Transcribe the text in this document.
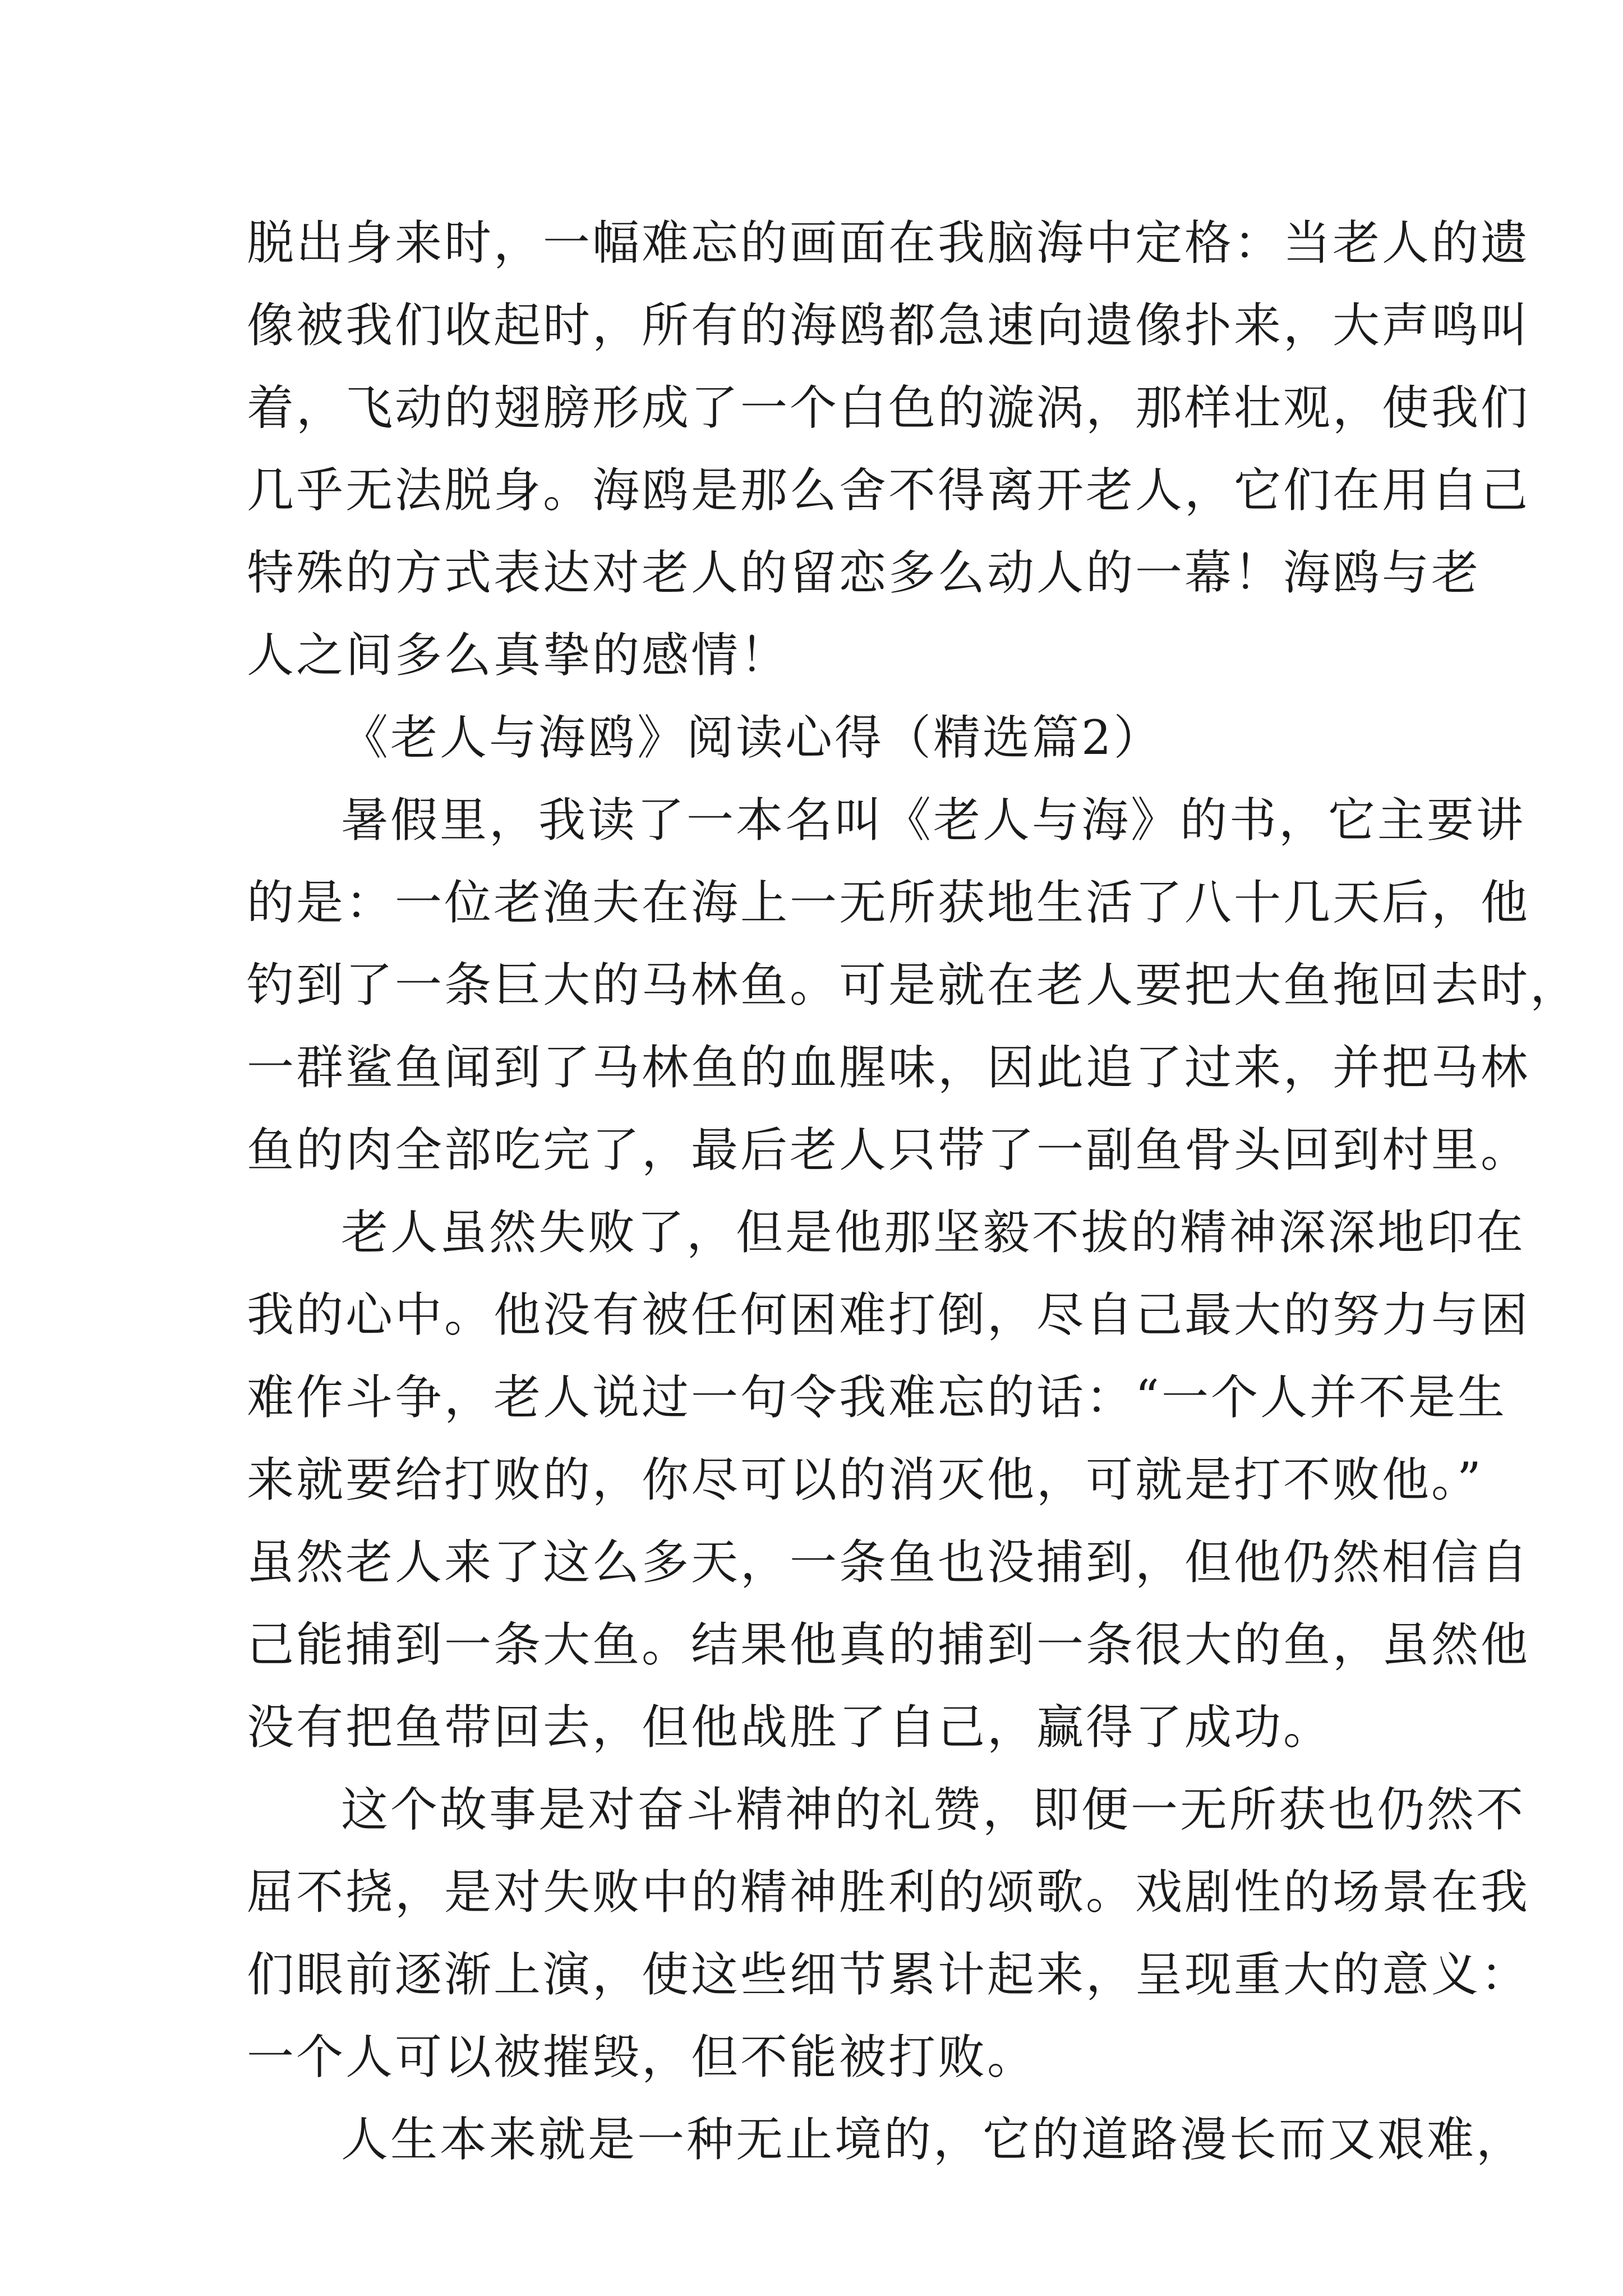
脱出身来时，一幅难忘的画面在我脑海中定格：当老人的遗
像被我们收起时，所有的海鸥都急速向遗像扑来，大声鸣叫
着，飞动的翅膀形成了一个白色的漩涡，那样壮观，使我们
几乎无法脱身。海鸥是那么舍不得离开老人，它们在用自己
特殊的方式表达对老人的留恋多么动人的一幕！海鸥与老
人之间多么真挚的感情！
《老人与海鸥》阅读心得（精选篇2）
暑假里，我读了一本名叫《老人与海》的书，它主要讲
的是：一位老渔夫在海上一无所获地生活了八十几天后，他
钓到了一条巨大的马林鱼。可是就在老人要把大鱼拖回去时，
一群鲨鱼闻到了马林鱼的血腥味，因此追了过来，并把马林
鱼的肉全部吃完了，最后老人只带了一副鱼骨头回到村里。
老人虽然失败了，但是他那坚毅不拔的精神深深地印在
我的心中。他没有被任何困难打倒，尽自己最大的努力与困
难作斗争，老人说过一句令我难忘的话：“一个人并不是生
来就要给打败的，你尽可以的消灭他，可就是打不败他。”
虽然老人来了这么多天，一条鱼也没捕到，但他仍然相信自
己能捕到一条大鱼。结果他真的捕到一条很大的鱼，虽然他
没有把鱼带回去，但他战胜了自己，赢得了成功。
这个故事是对奋斗精神的礼赞，即便一无所获也仍然不
屈不挠，是对失败中的精神胜利的颂歌。戏剧性的场景在我
们眼前逐渐上演，使这些细节累计起来，呈现重大的意义：
一个人可以被摧毁，但不能被打败。
人生本来就是一种无止境的，它的道路漫长而又艰难，
